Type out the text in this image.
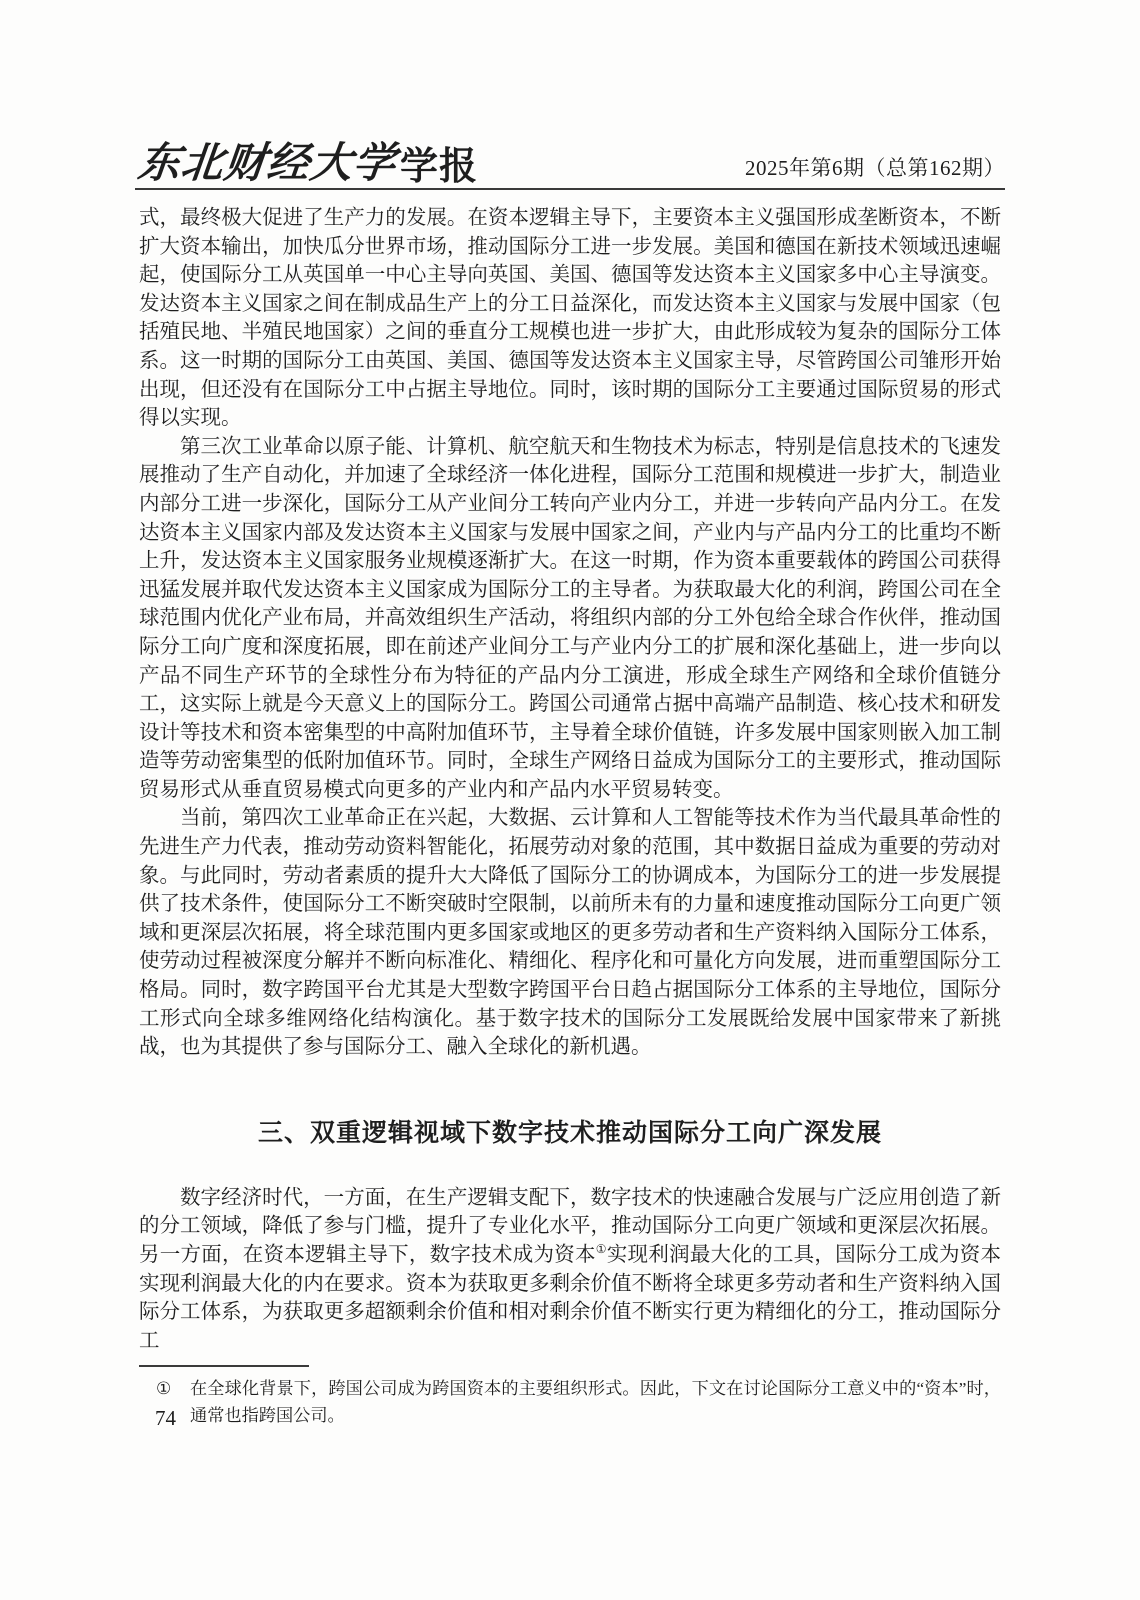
东北财经大学 学报	2025年第6期（总第162期）

式，最终极大促进了生产力的发展。在资本逻辑主导下，主要资本主义强国形成垄断资本，不断扩大资本输出，加快瓜分世界市场，推动国际分工进一步发展。美国和德国在新技术领域迅速崛起，使国际分工从英国单一中心主导向英国、美国、德国等发达资本主义国家多中心主导演变。发达资本主义国家之间在制成品生产上的分工日益深化，而发达资本主义国家与发展中国家（包括殖民地、半殖民地国家）之间的垂直分工规模也进一步扩大，由此形成较为复杂的国际分工体系。这一时期的国际分工由英国、美国、德国等发达资本主义国家主导，尽管跨国公司雏形开始出现，但还没有在国际分工中占据主导地位。同时，该时期的国际分工主要通过国际贸易的形式得以实现。

第三次工业革命以原子能、计算机、航空航天和生物技术为标志，特别是信息技术的飞速发展推动了生产自动化，并加速了全球经济一体化进程，国际分工范围和规模进一步扩大，制造业内部分工进一步深化，国际分工从产业间分工转向产业内分工，并进一步转向产品内分工。在发达资本主义国家内部及发达资本主义国家与发展中国家之间，产业内与产品内分工的比重均不断上升，发达资本主义国家服务业规模逐渐扩大。在这一时期，作为资本重要载体的跨国公司获得迅猛发展并取代发达资本主义国家成为国际分工的主导者。为获取最大化的利润，跨国公司在全球范围内优化产业布局，并高效组织生产活动，将组织内部的分工外包给全球合作伙伴，推动国际分工向广度和深度拓展，即在前述产业间分工与产业内分工的扩展和深化基础上，进一步向以产品不同生产环节的全球性分布为特征的产品内分工演进，形成全球生产网络和全球价值链分工，这实际上就是今天意义上的国际分工。跨国公司通常占据中高端产品制造、核心技术和研发设计等技术和资本密集型的中高附加值环节，主导着全球价值链，许多发展中国家则嵌入加工制造等劳动密集型的低附加值环节。同时，全球生产网络日益成为国际分工的主要形式，推动国际贸易形式从垂直贸易模式向更多的产业内和产品内水平贸易转变。

当前，第四次工业革命正在兴起，大数据、云计算和人工智能等技术作为当代最具革命性的先进生产力代表，推动劳动资料智能化，拓展劳动对象的范围，其中数据日益成为重要的劳动对象。与此同时，劳动者素质的提升大大降低了国际分工的协调成本，为国际分工的进一步发展提供了技术条件，使国际分工不断突破时空限制，以前所未有的力量和速度推动国际分工向更广领域和更深层次拓展，将全球范围内更多国家或地区的更多劳动者和生产资料纳入国际分工体系，使劳动过程被深度分解并不断向标准化、精细化、程序化和可量化方向发展，进而重塑国际分工格局。同时，数字跨国平台尤其是大型数字跨国平台日趋占据国际分工体系的主导地位，国际分工形式向全球多维网络化结构演化。基于数字技术的国际分工发展既给发展中国家带来了新挑战，也为其提供了参与国际分工、融入全球化的新机遇。

三、双重逻辑视域下数字技术推动国际分工向广深发展

数字经济时代，一方面，在生产逻辑支配下，数字技术的快速融合发展与广泛应用创造了新的分工领域，降低了参与门槛，提升了专业化水平，推动国际分工向更广领域和更深层次拓展。另一方面，在资本逻辑主导下，数字技术成为资本①实现利润最大化的工具，国际分工成为资本实现利润最大化的内在要求。资本为获取更多剩余价值不断将全球更多劳动者和生产资料纳入国际分工体系，为获取更多超额剩余价值和相对剩余价值不断实行更为精细化的分工，推动国际分工

① 在全球化背景下，跨国公司成为跨国资本的主要组织形式。因此，下文在讨论国际分工意义中的“资本”时，通常也指跨国公司。
74
